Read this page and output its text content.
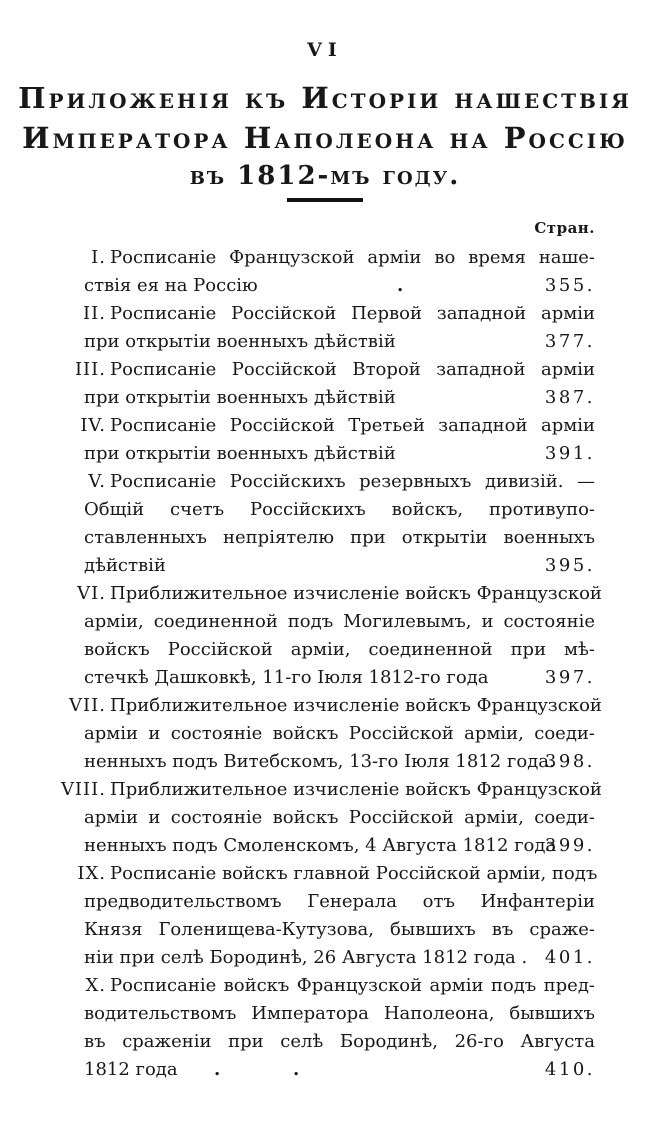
VI
Приложенія къ Исторіи нашествія
Императора Наполеона на Россію
въ 1812-мъ году.
Стран.
I. Росписаніе Французской арміи во время наше-
ствія ея на Россію	.	355.
II. Росписаніе Россійской Первой западной арміи
при открытіи военныхъ дѣйствій	377.
III. Росписаніе Россійской Второй западной арміи
при открытіи военныхъ дѣйствій	387.
IV. Росписаніе Россійской Третьей западной арміи
при открытіи военныхъ дѣйствій	391.
V. Росписаніе Россійскихъ резервныхъ дивизій. —
Общій счетъ Россійскихъ войскъ, противупо-
ставленныхъ непріятелю при открытіи военныхъ
дѣйствій	395.
VI. Приближительное изчисленіе войскъ Французской
арміи, соединенной подъ Могилевымъ, и состояніе
войскъ Россійской арміи, соединенной при мѣ-
стечкѣ Дашковкѣ, 11-го Іюля 1812-го года	397.
VII. Приближительное изчисленіе войскъ Французской
арміи и состояніе войскъ Россійской арміи, соеди-
ненныхъ подъ Витебскомъ, 13-го Іюля 1812 года.
398.
VIII. Приближительное изчисленіе войскъ Французской
арміи и состояніе войскъ Россійской арміи, соеди-
ненныхъ подъ Смоленскомъ, 4 Августа 1812 года
399.
IX. Росписаніе войскъ главной Россійской арміи, подъ
предводительствомъ Генерала отъ Инфантеріи
Князя Голенищева-Кутузова, бывшихъ въ сраже-
ніи при селѣ Бородинѣ, 26 Августа 1812 года . 401.
X. Росписаніе войскъ Французской арміи подъ пред-
водительствомъ Императора Наполеона, бывшихъ
въ сраженіи при селѣ Бородинѣ, 26-го Августа
1812 года .	.	410.
